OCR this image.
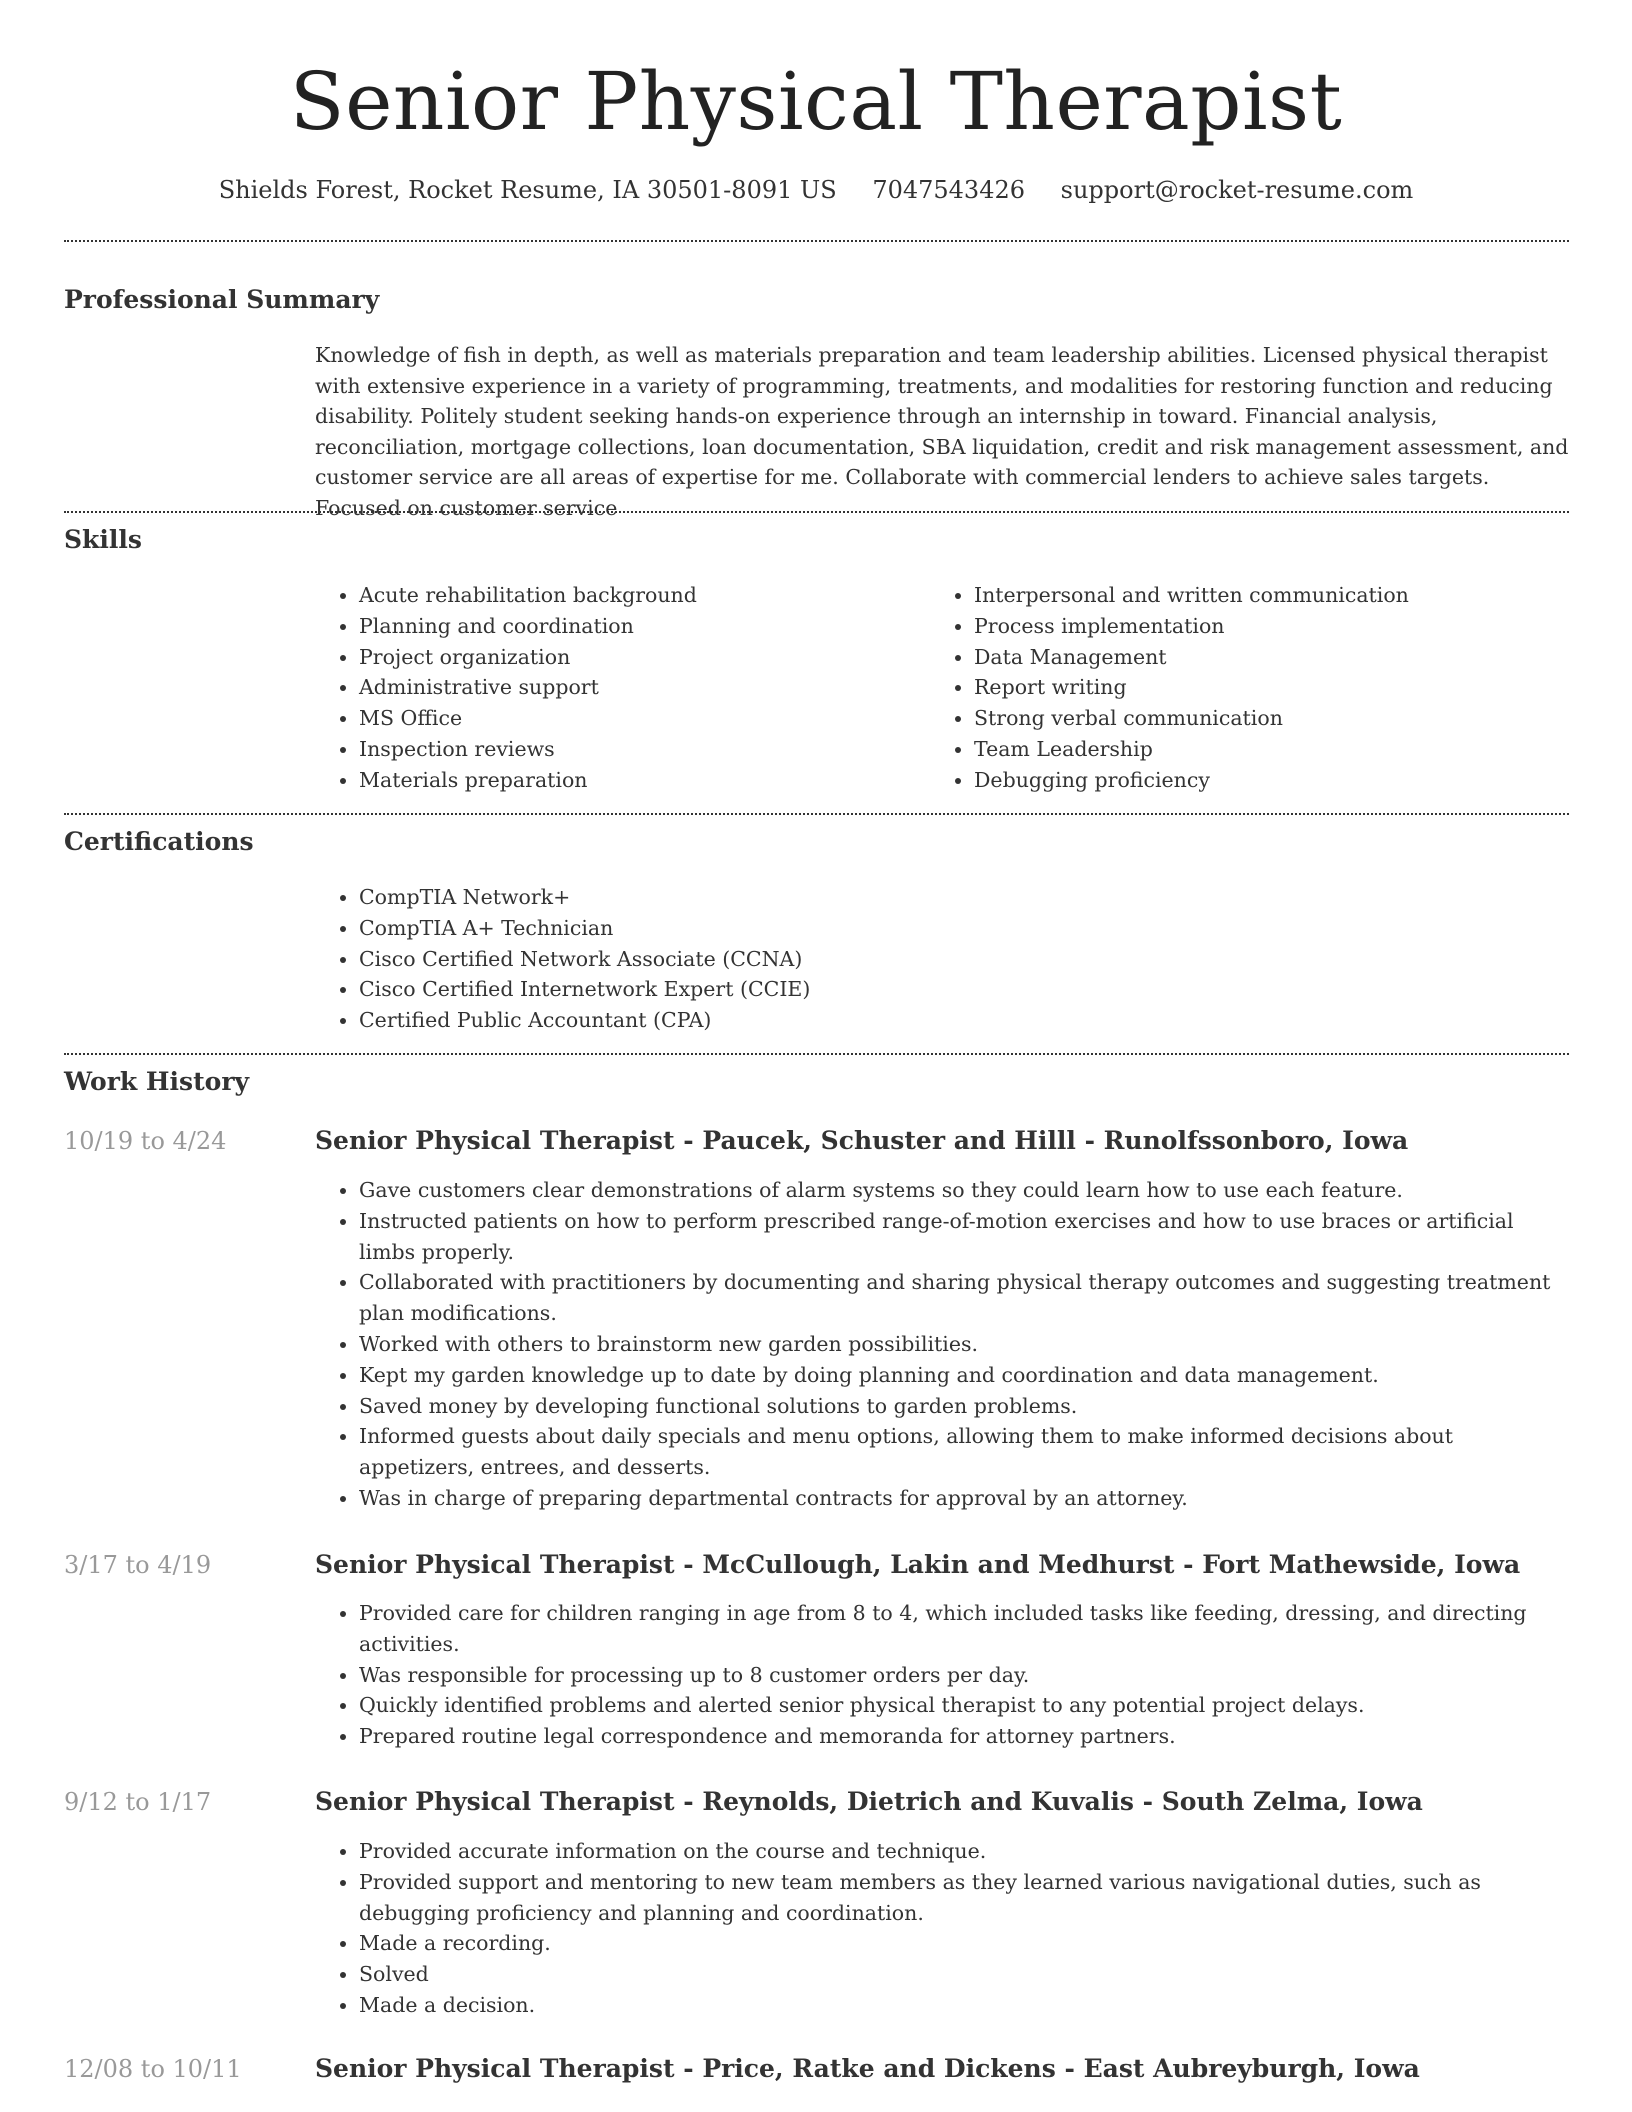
Senior Physical Therapist
Shields Forest, Rocket Resume, IA 30501-8091 US 7047543426 support@rocket-resume.com
Professional Summary

Knowledge of fish in depth, as well as materials preparation and team leadership abilities. Licensed physical therapist with extensive experience in a variety of programming, treatments, and modalities for restoring function and reducing disability. Politely student seeking hands-on experience through an internship in toward. Financial analysis, reconciliation, mortgage collections, loan documentation, SBA liquidation, credit and risk management assessment, and customer service are all areas of expertise for me. Collaborate with commercial lenders to achieve sales targets. Focused on customer service

Skills
• Acute rehabilitation background
• Planning and coordination
• Project organization
• Administrative support
• MS Office
• Inspection reviews
• Materials preparation
• Interpersonal and written communication
• Process implementation
• Data Management
• Report writing
• Strong verbal communication
• Team Leadership
• Debugging proficiency
Certifications
• CompTIA Network+
• CompTIA A+ Technician
• Cisco Certified Network Associate (CCNA)
• Cisco Certified Internetwork Expert (CCIE)
• Certified Public Accountant (CPA)
Work History
10/19 to 4/24	Senior Physical Therapist - Paucek, Schuster and Hilll - Runolfssonboro, Iowa
• Gave customers clear demonstrations of alarm systems so they could learn how to use each feature.
• Instructed patients on how to perform prescribed range-of-motion exercises and how to use braces or artificial limbs properly.
• Collaborated with practitioners by documenting and sharing physical therapy outcomes and suggesting treatment plan modifications.
• Worked with others to brainstorm new garden possibilities.
• Kept my garden knowledge up to date by doing planning and coordination and data management.
• Saved money by developing functional solutions to garden problems.
• Informed guests about daily specials and menu options, allowing them to make informed decisions about appetizers, entrees, and desserts.
• Was in charge of preparing departmental contracts for approval by an attorney.
3/17 to 4/19	Senior Physical Therapist - McCullough, Lakin and Medhurst - Fort Mathewside, Iowa
• Provided care for children ranging in age from 8 to 4, which included tasks like feeding, dressing, and directing activities.
• Was responsible for processing up to 8 customer orders per day.
• Quickly identified problems and alerted senior physical therapist to any potential project delays.
• Prepared routine legal correspondence and memoranda for attorney partners.
9/12 to 1/17	Senior Physical Therapist - Reynolds, Dietrich and Kuvalis - South Zelma, Iowa
• Provided accurate information on the course and technique.
• Provided support and mentoring to new team members as they learned various navigational duties, such as debugging proficiency and planning and coordination.
• Made a recording.
• Solved
• Made a decision.
12/08 to 10/11	Senior Physical Therapist - Price, Ratke and Dickens - East Aubreyburgh, Iowa
